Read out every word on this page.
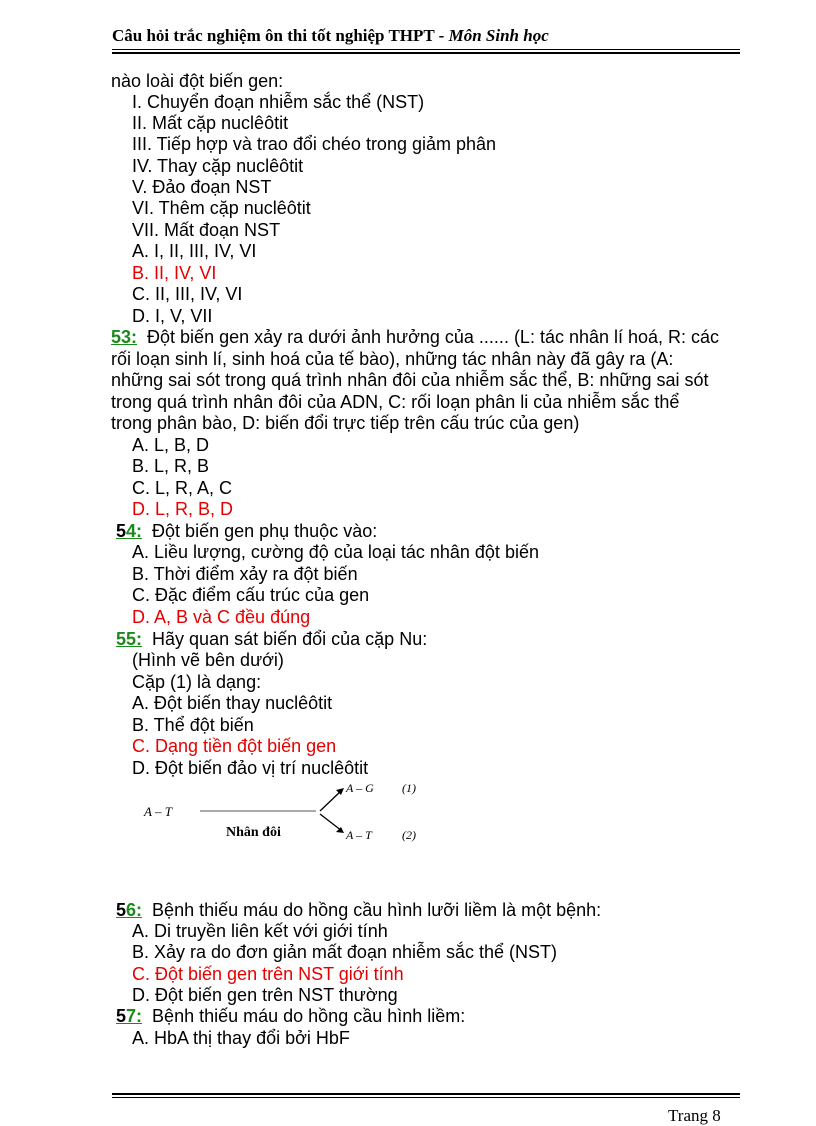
Câu hỏi trắc nghiệm ôn thi tốt nghiệp THPT - Môn Sinh học
nào loài đột biến gen:
I. Chuyển đoạn nhiễm sắc thể (NST)
II. Mất cặp nuclêôtit
III. Tiếp hợp và trao đổi chéo trong giảm phân
IV. Thay cặp nuclêôtit
V. Đảo đoạn NST
VI. Thêm cặp nuclêôtit
VII. Mất đoạn NST
A. I, II, III, IV, VI
B. II, IV, VI
C. II, III, IV, VI
D. I, V, VII
53: Đột biến gen xảy ra dưới ảnh hưởng của ...... (L: tác nhân lí hoá, R: các
rối loạn sinh lí, sinh hoá của tế bào), những tác nhân này đã gây ra (A:
những sai sót trong quá trình nhân đôi của nhiễm sắc thể, B: những sai sót
trong quá trình nhân đôi của ADN, C: rối loạn phân li của nhiễm sắc thể
trong phân bào, D: biến đổi trực tiếp trên cấu trúc của gen)
A. L, B, D
B. L, R, B
C. L, R, A, C
D. L, R, B, D
54: Đột biến gen phụ thuộc vào:
A. Liều lượng, cường độ của loại tác nhân đột biến
B. Thời điểm xảy ra đột biến
C. Đặc điểm cấu trúc của gen
D. A, B và C đều đúng
55: Hãy quan sát biến đổi của cặp Nu:
(Hình vẽ bên dưới)
Cặp (1) là dạng:
A. Đột biến thay nuclêôtit
B. Thể đột biến
C. Dạng tiền đột biến gen
D. Đột biến đảo vị trí nuclêôtit
A – T
Nhân đôi
A – G (1)
A – T	(2)
56: Bệnh thiếu máu do hồng cầu hình lưỡi liềm là một bệnh:
A. Di truyền liên kết với giới tính
B. Xảy ra do đơn giản mất đoạn nhiễm sắc thể (NST)
C. Đột biến gen trên NST giới tính
D. Đột biến gen trên NST thường
57: Bệnh thiếu máu do hồng cầu hình liềm:
A. HbA thị thay đổi bởi HbF
Trang 8
